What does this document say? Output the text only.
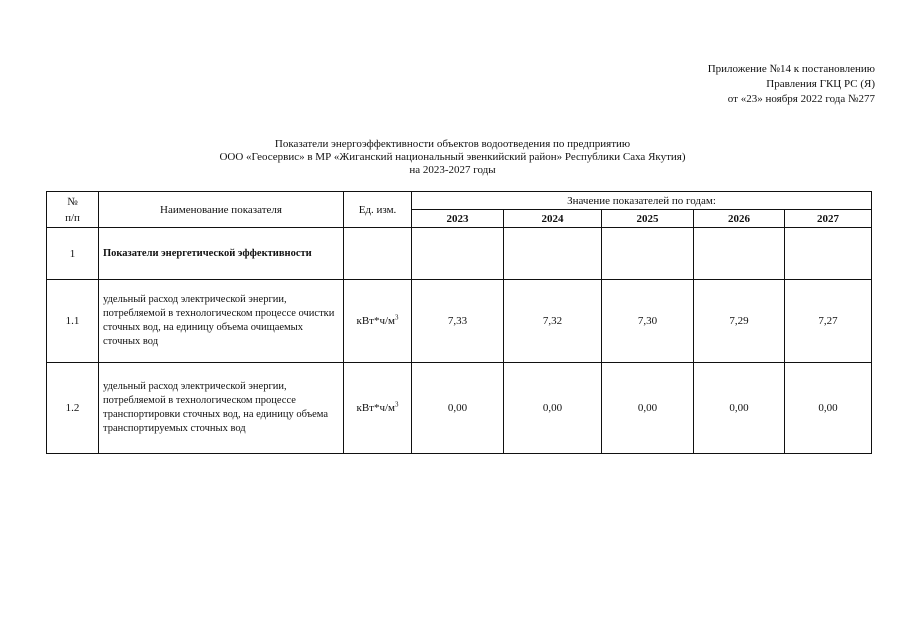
Приложение №14 к постановлению
Правления ГКЦ РС (Я)
от «23» ноября 2022 года №277
Показатели энергоэффективности объектов водоотведения по предприятию
ООО «Геосервис» в МР «Жиганский национальный эвенкийский район» Республики Саха Якутия)
на 2023-2027 годы
№
п/п	Наименование показателя	Ед. изм.	Значение показателей по годам:				
			2023	2024	2025	2026	2027
1	Показатели энергетической эффективности						
1.1	удельный расход электрической энергии, потребляемой в технологическом процессе очистки сточных вод, на единицу объема очищаемых сточных вод	$кВт*ч/м^3$	7,33	7,32	7,30	7,29	7,27
1.2	удельный расход электрической энергии, потребляемой в технологическом процессе транспортировки сточных вод, на единицу объема транспортируемых сточных вод	$кВт*ч/м^3$	0,00	0,00	0,00	0,00	0,00
